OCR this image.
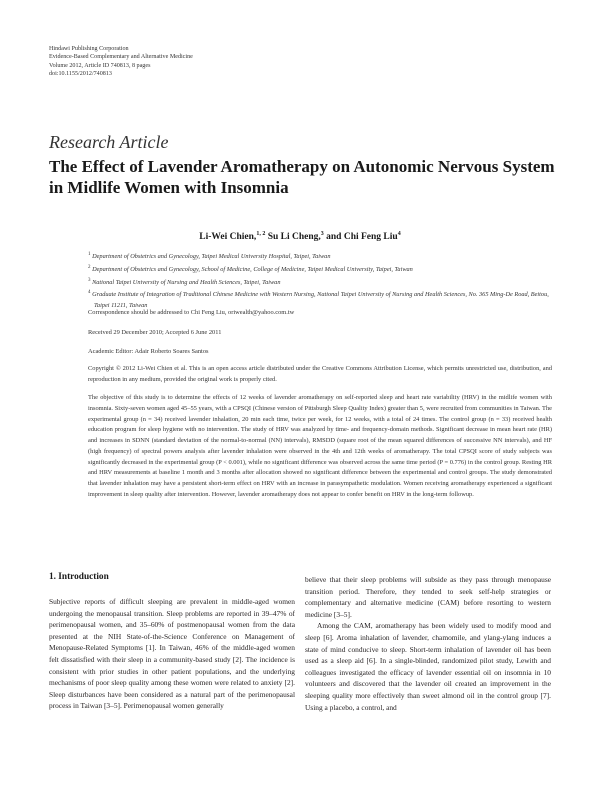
Hindawi Publishing Corporation
Evidence-Based Complementary and Alternative Medicine
Volume 2012, Article ID 740813, 8 pages
doi:10.1155/2012/740813
Research Article
The Effect of Lavender Aromatherapy on Autonomic Nervous System in Midlife Women with Insomnia
Li-Wei Chien,$^{1, 2}$ Su Li Cheng,$^3$ and Chi Feng Liu$^4$
$^1$ Department of Obstetrics and Gynecology, Taipei Medical University Hospital, Taipei, Taiwan
$^2$ Department of Obstetrics and Gynecology, School of Medicine, College of Medicine, Taipei Medical University, Taipei, Taiwan
$^3$ National Taipei University of Nursing and Health Sciences, Taipei, Taiwan
$^4$ Graduate Institute of Integration of Traditional Chinese Medicine with Western Nursing, National Taipei University of Nursing and Health Sciences, No. 365 Ming-De Road, Beitou, Taipei 11211, Taiwan
Correspondence should be addressed to Chi Feng Liu, oriwealth@yahoo.com.tw
Received 29 December 2010; Accepted 6 June 2011
Academic Editor: Adair Roberto Soares Santos
Copyright © 2012 Li-Wei Chien et al. This is an open access article distributed under the Creative Commons Attribution License, which permits unrestricted use, distribution, and reproduction in any medium, provided the original work is properly cited.
The objective of this study is to determine the effects of 12 weeks of lavender aromatherapy on self-reported sleep and heart rate variability (HRV) in the midlife women with insomnia. Sixty-seven women aged 45–55 years, with a CPSQI (Chinese version of Pittsburgh Sleep Quality Index) greater than 5, were recruited from communities in Taiwan. The experimental group (n = 34) received lavender inhalation, 20 min each time, twice per week, for 12 weeks, with a total of 24 times. The control group (n = 33) received health education program for sleep hygiene with no intervention. The study of HRV was analyzed by time- and frequency-domain methods. Significant decrease in mean heart rate (HR) and increases in SDNN (standard deviation of the normal-to-normal (NN) intervals), RMSDD (square root of the mean squared differences of successive NN intervals), and HF (high frequency) of spectral powers analysis after lavender inhalation were observed in the 4th and 12th weeks of aromatherapy. The total CPSQI score of study subjects was significantly decreased in the experimental group (P < 0.001), while no significant difference was observed across the same time period (P = 0.776) in the control group. Resting HR and HRV measurements at baseline 1 month and 3 months after allocation showed no significant difference between the experimental and control groups. The study demonstrated that lavender inhalation may have a persistent short-term effect on HRV with an increase in parasympathetic modulation. Women receiving aromatherapy experienced a significant improvement in sleep quality after intervention. However, lavender aromatherapy does not appear to confer benefit on HRV in the long-term followup.
1. Introduction

Subjective reports of difficult sleeping are prevalent in middle-aged women undergoing the menopausal transition. Sleep problems are reported in 39–47% of perimenopausal women, and 35–60% of postmenopausal women from the data presented at the NIH State-of-the-Science Conference on Management of Menopause-Related Symptoms [1]. In Taiwan, 46% of the middle-aged women felt dissatisfied with their sleep in a community-based study [2]. The incidence is consistent with prior studies in other patient populations, and the underlying mechanisms of poor sleep quality among these women were related to anxiety [2]. Sleep disturbances have been considered as a natural part of the perimenopausal process in Taiwan [3–5]. Perimenopausal women generally

believe that their sleep problems will subside as they pass through menopause transition period. Therefore, they tended to seek self-help strategies or complementary and alternative medicine (CAM) before resorting to western medicine [3–5].

Among the CAM, aromatherapy has been widely used to modify mood and sleep [6]. Aroma inhalation of lavender, chamomile, and ylang-ylang induces a state of mind conducive to sleep. Short-term inhalation of lavender oil has been used as a sleep aid [6]. In a single-blinded, randomized pilot study, Lewith and colleagues investigated the efficacy of lavender essential oil on insomnia in 10 volunteers and discovered that the lavender oil created an improvement in the sleeping quality more effectively than sweet almond oil in the control group [7]. Using a placebo, a control, and
